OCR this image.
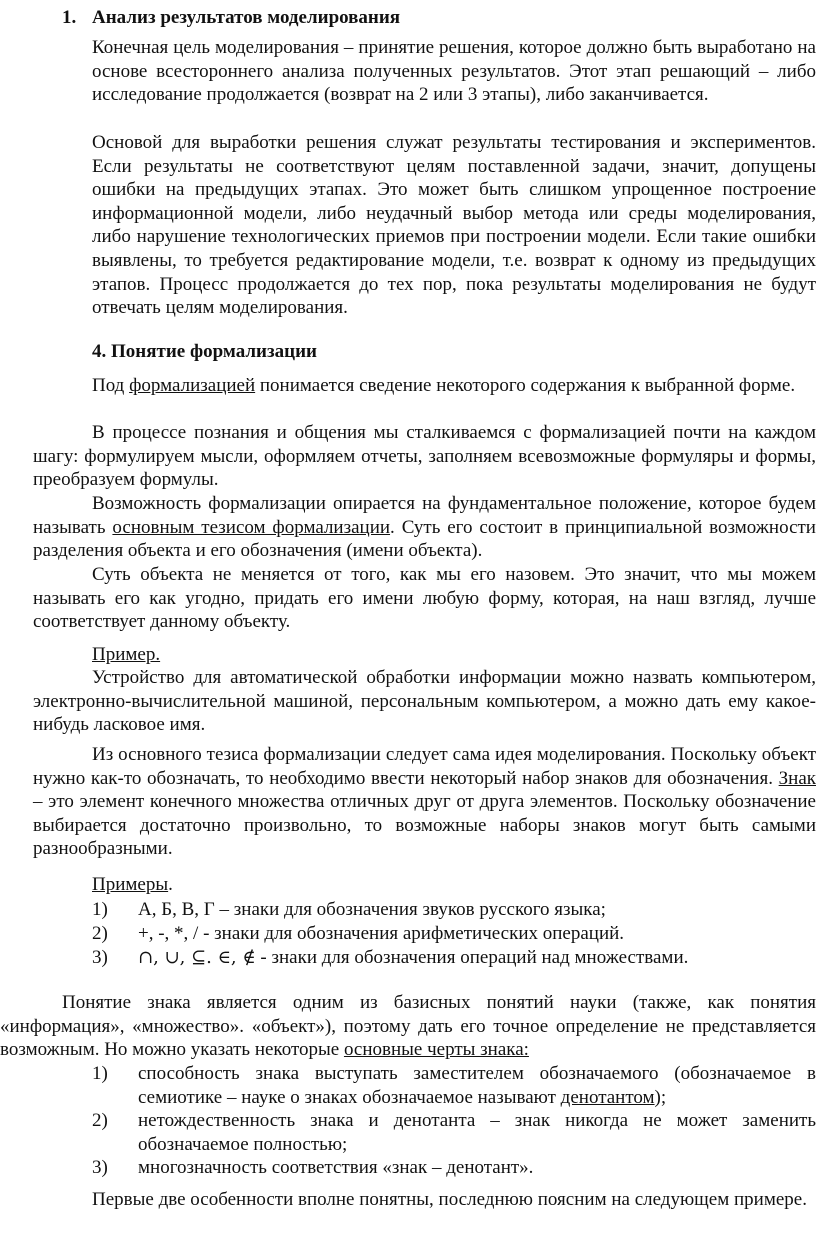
1. Анализ результатов моделирования

Конечная цель моделирования – принятие решения, которое должно быть выработано на основе всестороннего анализа полученных результатов. Этот этап решающий – либо исследование продолжается (возврат на 2 или 3 этапы), либо заканчивается.

Основой для выработки решения служат результаты тестирования и экспериментов. Если результаты не соответствуют целям поставленной задачи, значит, допущены ошибки на предыдущих этапах. Это может быть слишком упрощенное построение информационной модели, либо неудачный выбор метода или среды моделирования, либо нарушение технологических приемов при построении модели. Если такие ошибки выявлены, то требуется редактирование модели, т.е. возврат к одному из предыдущих этапов. Процесс продолжается до тех пор, пока результаты моделирования не будут отвечать целям моделирования.

4. Понятие формализации

Под формализацией понимается сведение некоторого содержания к выбранной форме.

В процессе познания и общения мы сталкиваемся с формализацией почти на каждом шагу: формулируем мысли, оформляем отчеты, заполняем всевозможные формуляры и формы, преобразуем формулы.

Возможность формализации опирается на фундаментальное положение, которое будем называть основным тезисом формализации. Суть его состоит в принципиальной возможности разделения объекта и его обозначения (имени объекта).

Суть объекта не меняется от того, как мы его назовем. Это значит, что мы можем называть его как угодно, придать его имени любую форму, которая, на наш взгляд, лучше соответствует данному объекту.

Пример.

Устройство для автоматической обработки информации можно назвать компьютером, электронно-вычислительной машиной, персональным компьютером, а можно дать ему какое-нибудь ласковое имя.

Из основного тезиса формализации следует сама идея моделирования. Поскольку объект нужно как-то обозначать, то необходимо ввести некоторый набор знаков для обозначения. Знак – это элемент конечного множества отличных друг от друга элементов. Поскольку обозначение выбирается достаточно произвольно, то возможные наборы знаков могут быть самыми разнообразными.

Примеры.
1) А, Б, В, Г – знаки для обозначения звуков русского языка;
2) +, -, *, / - знаки для обозначения арифметических операций.
3) ∩, ∪, ⊆. ∈, ∉ - знаки для обозначения операций над множествами.

Понятие знака является одним из базисных понятий науки (также, как понятия «информация», «множество». «объект»), поэтому дать его точное определение не представляется возможным. Но можно указать некоторые основные черты знака:

1) способность знака выступать заместителем обозначаемого (обозначаемое в семиотике – науке о знаках обозначаемое называют денотантом);
2) нетождественность знака и денотанта – знак никогда не может заменить обозначаемое полностью;
3) многозначность соответствия «знак – денотант».

Первые две особенности вполне понятны, последнюю поясним на следующем примере.
